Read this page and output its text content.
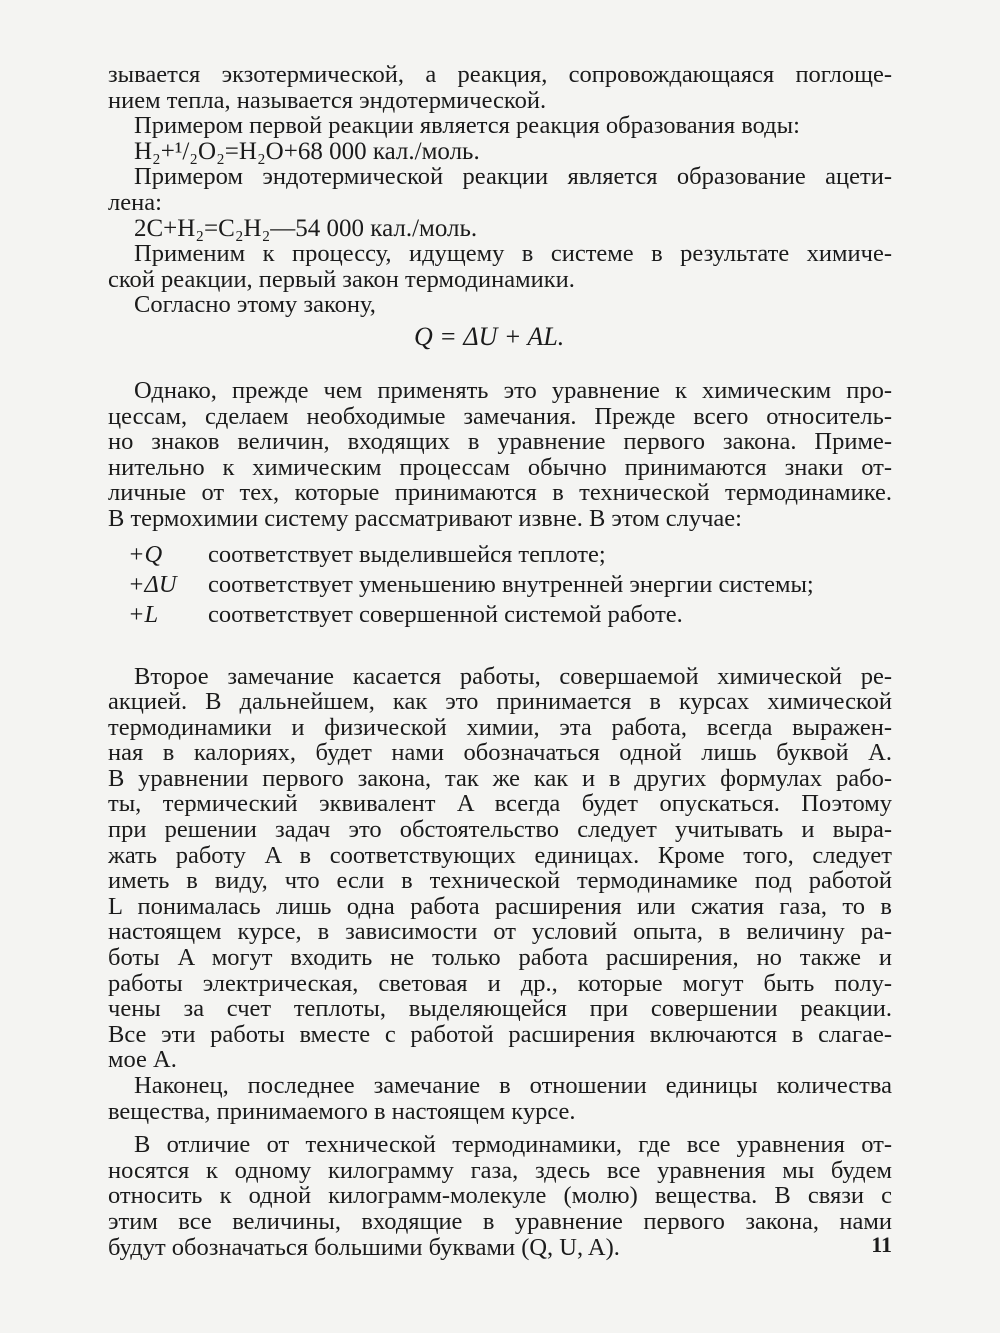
зывается экзотермической, а реакция, сопровождающаяся поглоще-
нием тепла, называется эндотермической.
Примером первой реакции является реакция образования воды:
H₂+¹/₂O₂=H₂O+68 000 кал./моль.
Примером эндотермической реакции является образование ацети-
лена:
2C+H₂=C₂H₂—54 000 кал./моль.
Применим к процессу, идущему в системе в результате химиче-
ской реакции, первый закон термодинамики.
Согласно этому закону,
Q = ΔU + AL.
Однако, прежде чем применять это уравнение к химическим про-
цессам, сделаем необходимые замечания. Прежде всего относитель-
но знаков величин, входящих в уравнение первого закона. Приме-
нительно к химическим процессам обычно принимаются знаки от-
личные от тех, которые принимаются в технической термодинамике.
В термохимии систему рассматривают извне. В этом случае:
+Q	соответствует выделившейся теплоте;
+ΔU	соответствует уменьшению внутренней энергии системы;
+L	соответствует совершенной системой работе.
Второе замечание касается работы, совершаемой химической ре-
акцией. В дальнейшем, как это принимается в курсах химической
термодинамики и физической химии, эта работа, всегда выражен-
ная в калориях, будет нами обозначаться одной лишь буквой A.
В уравнении первого закона, так же как и в других формулах рабо-
ты, термический эквивалент A всегда будет опускаться. Поэтому
при решении задач это обстоятельство следует учитывать и выра-
жать работу A в соответствующих единицах. Кроме того, следует
иметь в виду, что если в технической термодинамике под работой
L понималась лишь одна работа расширения или сжатия газа, то в
настоящем курсе, в зависимости от условий опыта, в величину ра-
боты A могут входить не только работа расширения, но также и
работы электрическая, световая и др., которые могут быть полу-
чены за счет теплоты, выделяющейся при совершении реакции.
Все эти работы вместе с работой расширения включаются в слагае-
мое A.
Наконец, последнее замечание в отношении единицы количества
вещества, принимаемого в настоящем курсе.
В отличие от технической термодинамики, где все уравнения от-
носятся к одному килограмму газа, здесь все уравнения мы будем
относить к одной килограмм-молекуле (молю) вещества. В связи с
этим все величины, входящие в уравнение первого закона, нами
будут обозначаться большими буквами (Q, U, A).	11
